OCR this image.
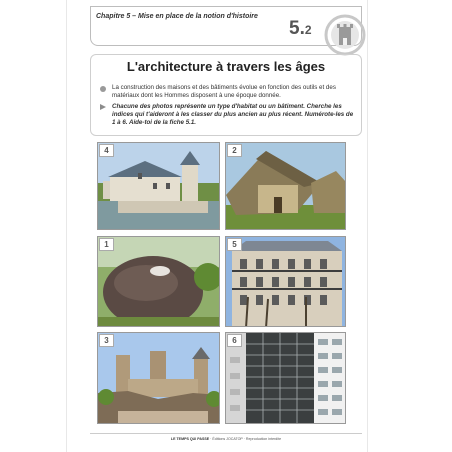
Chapitre 5 – Mise en place de la notion d'histoire
5.2
L'architecture à travers les âges
La construction des maisons et des bâtiments évolue en fonction des outils et des matériaux dont les Hommes disposent à une époque donnée.
Chacune des photos représente un type d'habitat ou un bâtiment. Cherche les indices qui t'aideront à les classer du plus ancien au plus récent. Numérote-les de 1 à 6. Aide-toi de la fiche 5.1.
4	2
1	5
3	6
LE TEMPS QUI PASSE · Éditions JOCATOP · Reproduction interdite
